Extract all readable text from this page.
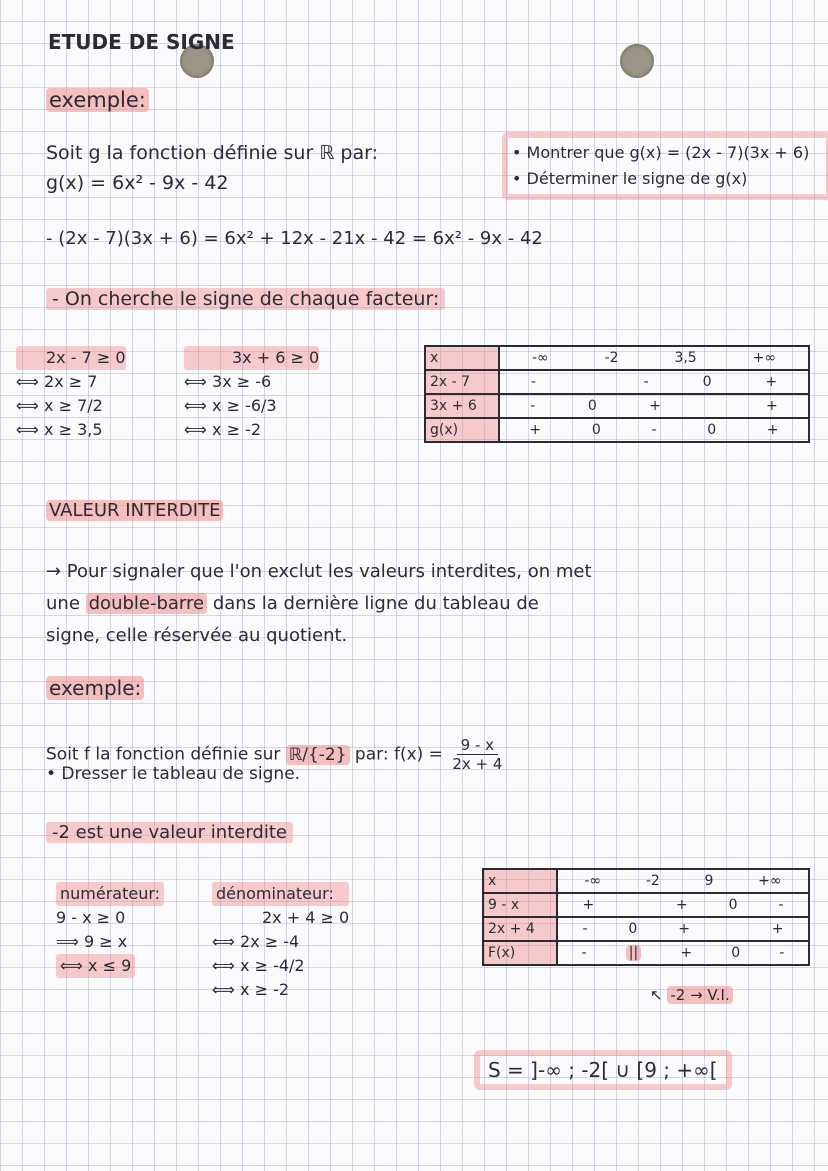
ETUDE DE SIGNE
exemple:
Soit g la fonction définie sur ℝ par:
g(x) = 6x² - 9x - 42
• Montrer que g(x) = (2x - 7)(3x + 6)
• Déterminer le signe de g(x)
- (2x - 7)(3x + 6) = 6x² + 12x - 21x - 42 = 6x² - 9x - 42
- On cherche le signe de chaque facteur:
2x - 7 ≥ 0
⟺ 2x ≥ 7
⟺ x ≥ 7/2
⟺ x ≥ 3,5
3x + 6 ≥ 0
⟺ 3x ≥ -6
⟺ x ≥ -6/3
⟺ x ≥ -2
x	-∞ -2 3,5 +∞

2x - 7	- - 0 +

3x + 6	- 0 + +

g(x)	+ 0 - 0 +
VALEUR INTERDITE
→ Pour signaler que l'on exclut les valeurs interdites, on met
une double-barre dans la dernière ligne du tableau de
signe, celle réservée au quotient.
exemple:
Soit f la fonction définie sur ℝ/{-2} par: $f(x) = \frac{9 - x}{2x + 4}$
• Dresser le tableau de signe.
-2 est une valeur interdite
numérateur:
9 - x ≥ 0
⟹ 9 ≥ x
⟺ x ≤ 9
dénominateur:
2x + 4 ≥ 0
⟺ 2x ≥ -4
⟺ x ≥ -4/2
⟺ x ≥ -2
x	-∞ -2 9 +∞

9 - x	+ + 0 -

2x + 4	- 0 + +

F(x)	- || + 0 -
↖ -2 → V.I.
S = ]-∞ ; -2[ ∪ [9 ; +∞[
